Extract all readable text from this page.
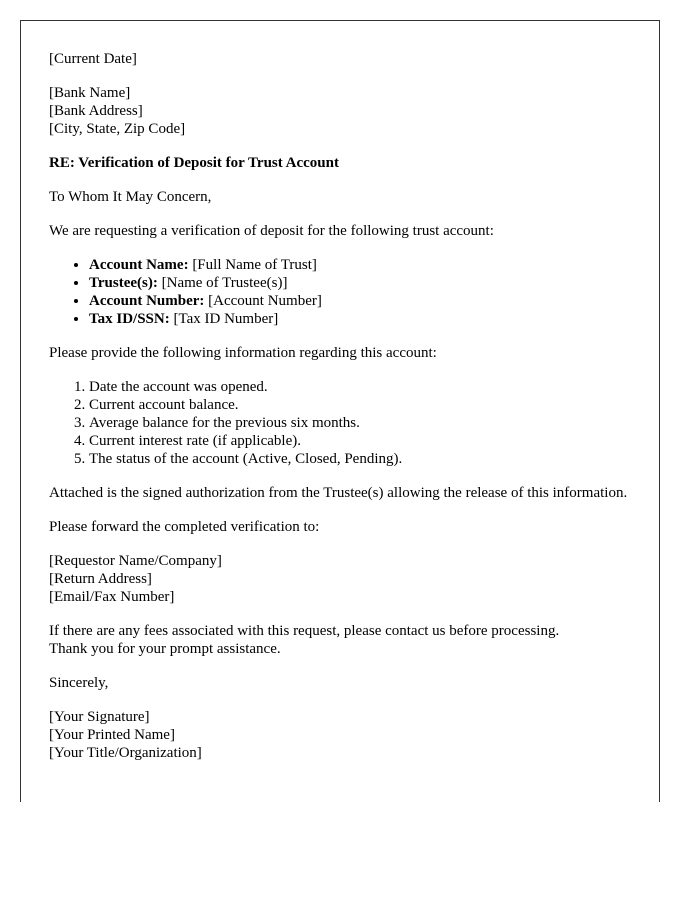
[Current Date]

[Bank Name]
[Bank Address]
[City, State, Zip Code]

RE: Verification of Deposit for Trust Account

To Whom It May Concern,

We are requesting a verification of deposit for the following trust account:

• Account Name: [Full Name of Trust]
• Trustee(s): [Name of Trustee(s)]
• Account Number: [Account Number]
• Tax ID/SSN: [Tax ID Number]

Please provide the following information regarding this account:

1. Date the account was opened.
2. Current account balance.
3. Average balance for the previous six months.
4. Current interest rate (if applicable).
5. The status of the account (Active, Closed, Pending).

Attached is the signed authorization from the Trustee(s) allowing the release of this information.

Please forward the completed verification to:

[Requestor Name/Company]
[Return Address]
[Email/Fax Number]

If there are any fees associated with this request, please contact us before processing.
Thank you for your prompt assistance.

Sincerely,

[Your Signature]
[Your Printed Name]
[Your Title/Organization]
